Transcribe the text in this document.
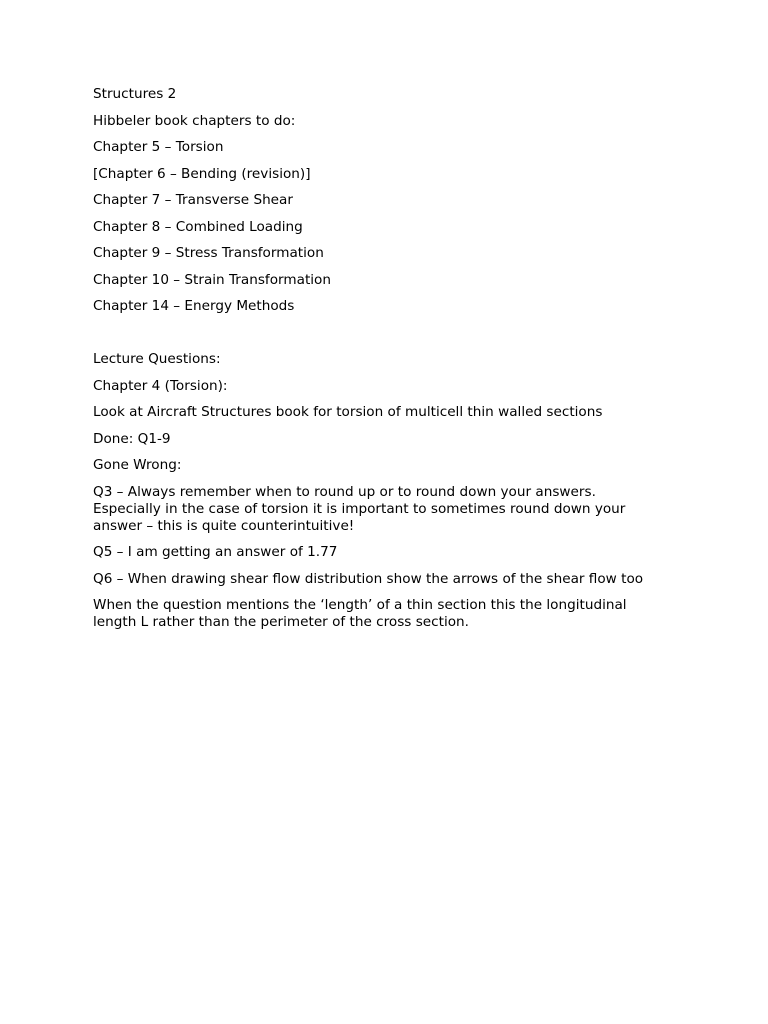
Structures 2

Hibbeler book chapters to do:

Chapter 5 – Torsion

[Chapter 6 – Bending (revision)]

Chapter 7 – Transverse Shear

Chapter 8 – Combined Loading

Chapter 9 – Stress Transformation

Chapter 10 – Strain Transformation

Chapter 14 – Energy Methods

Lecture Questions:

Chapter 4 (Torsion):

Look at Aircraft Structures book for torsion of multicell thin walled sections

Done: Q1-9

Gone Wrong:

Q3 – Always remember when to round up or to round down your answers. Especially in the case of torsion it is important to sometimes round down your answer – this is quite counterintuitive!

Q5 – I am getting an answer of 1.77

Q6 – When drawing shear flow distribution show the arrows of the shear flow too

When the question mentions the ‘length’ of a thin section this the longitudinal length L rather than the perimeter of the cross section.
